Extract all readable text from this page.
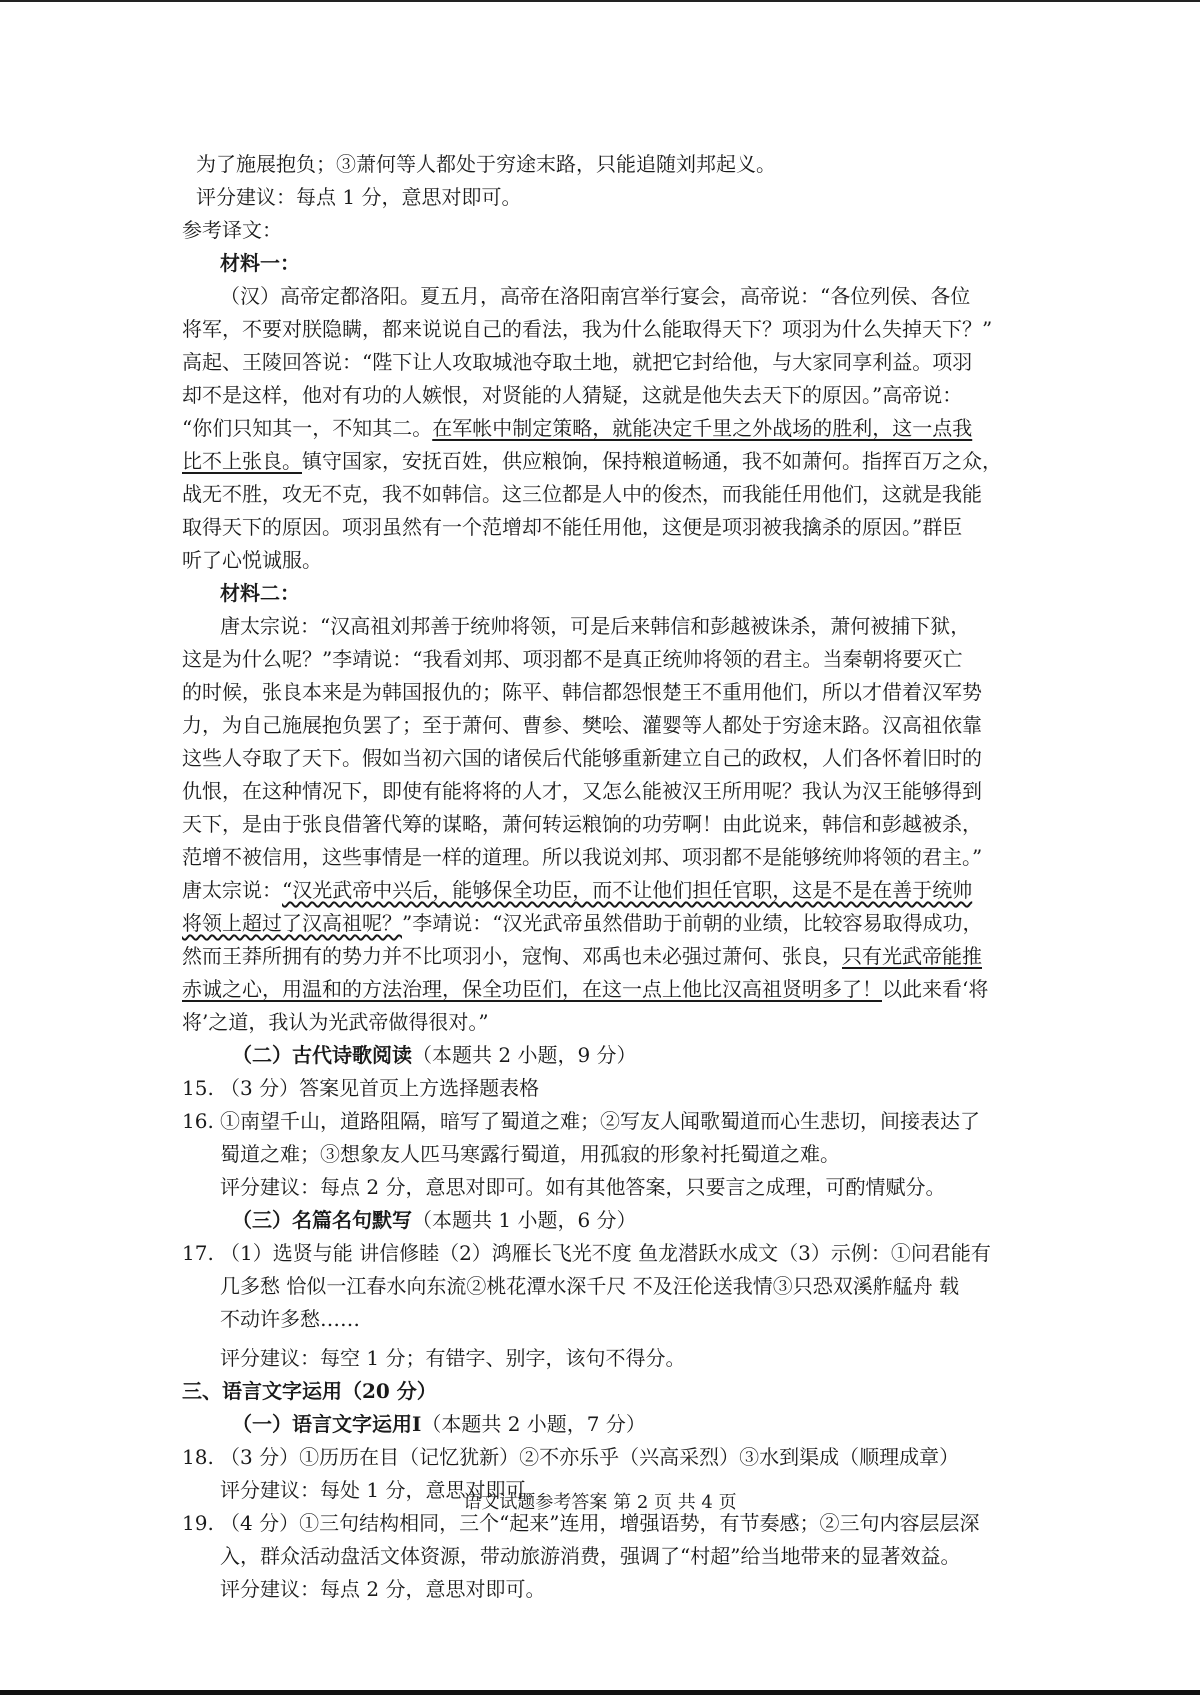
为了施展抱负；③萧何等人都处于穷途末路，只能追随刘邦起义。
评分建议：每点 1 分，意思对即可。
参考译文：
材料一：
（汉）高帝定都洛阳。夏五月，高帝在洛阳南宫举行宴会，高帝说：“各位列侯、各位
将军，不要对朕隐瞒，都来说说自己的看法，我为什么能取得天下？项羽为什么失掉天下？”
高起、王陵回答说：“陛下让人攻取城池夺取土地，就把它封给他，与大家同享利益。项羽
却不是这样，他对有功的人嫉恨，对贤能的人猜疑，这就是他失去天下的原因。”高帝说：
“你们只知其一，不知其二。在军帐中制定策略，就能决定千里之外战场的胜利，这一点我
比不上张良。镇守国家，安抚百姓，供应粮饷，保持粮道畅通，我不如萧何。指挥百万之众，
战无不胜，攻无不克，我不如韩信。这三位都是人中的俊杰，而我能任用他们，这就是我能
取得天下的原因。项羽虽然有一个范增却不能任用他，这便是项羽被我擒杀的原因。”群臣
听了心悦诚服。
材料二：
唐太宗说：“汉高祖刘邦善于统帅将领，可是后来韩信和彭越被诛杀，萧何被捕下狱，
这是为什么呢？”李靖说：“我看刘邦、项羽都不是真正统帅将领的君主。当秦朝将要灭亡
的时候，张良本来是为韩国报仇的；陈平、韩信都怨恨楚王不重用他们，所以才借着汉军势
力，为自己施展抱负罢了；至于萧何、曹参、樊哙、灌婴等人都处于穷途末路。汉高祖依靠
这些人夺取了天下。假如当初六国的诸侯后代能够重新建立自己的政权，人们各怀着旧时的
仇恨，在这种情况下，即使有能将将的人才，又怎么能被汉王所用呢？我认为汉王能够得到
天下，是由于张良借箸代筹的谋略，萧何转运粮饷的功劳啊！由此说来，韩信和彭越被杀，
范增不被信用，这些事情是一样的道理。所以我说刘邦、项羽都不是能够统帅将领的君主。”
唐太宗说：“汉光武帝中兴后，能够保全功臣，而不让他们担任官职，这是不是在善于统帅
将领上超过了汉高祖呢？”李靖说：“汉光武帝虽然借助于前朝的业绩，比较容易取得成功，
然而王莽所拥有的势力并不比项羽小，寇恂、邓禹也未必强过萧何、张良，只有光武帝能推
赤诚之心，用温和的方法治理，保全功臣们，在这一点上他比汉高祖贤明多了！以此来看‘将
将’之道，我认为光武帝做得很对。”
（二）古代诗歌阅读（本题共 2 小题，9 分）
15. （3 分）答案见首页上方选择题表格
16. ①南望千山，道路阻隔，暗写了蜀道之难；②写友人闻歌蜀道而心生悲切，间接表达了
蜀道之难；③想象友人匹马寒露行蜀道，用孤寂的形象衬托蜀道之难。
评分建议：每点 2 分，意思对即可。如有其他答案，只要言之成理，可酌情赋分。
（三）名篇名句默写（本题共 1 小题，6 分）
17. （1）选贤与能 讲信修睦（2）鸿雁长飞光不度 鱼龙潜跃水成文（3）示例：①问君能有
几多愁 恰似一江春水向东流②桃花潭水深千尺 不及汪伦送我情③只恐双溪舴艋舟 载
不动许多愁……
评分建议：每空 1 分；有错字、别字，该句不得分。
三、语言文字运用（20 分）
（一）语言文字运用Ⅰ（本题共 2 小题，7 分）
18. （3 分）①历历在目（记忆犹新）②不亦乐乎（兴高采烈）③水到渠成（顺理成章）
评分建议：每处 1 分，意思对即可。
19. （4 分）①三句结构相同，三个“起来”连用，增强语势，有节奏感；②三句内容层层深
入，群众活动盘活文体资源，带动旅游消费，强调了“村超”给当地带来的显著效益。
评分建议：每点 2 分，意思对即可。
语文试题参考答案 第 2 页 共 4 页
